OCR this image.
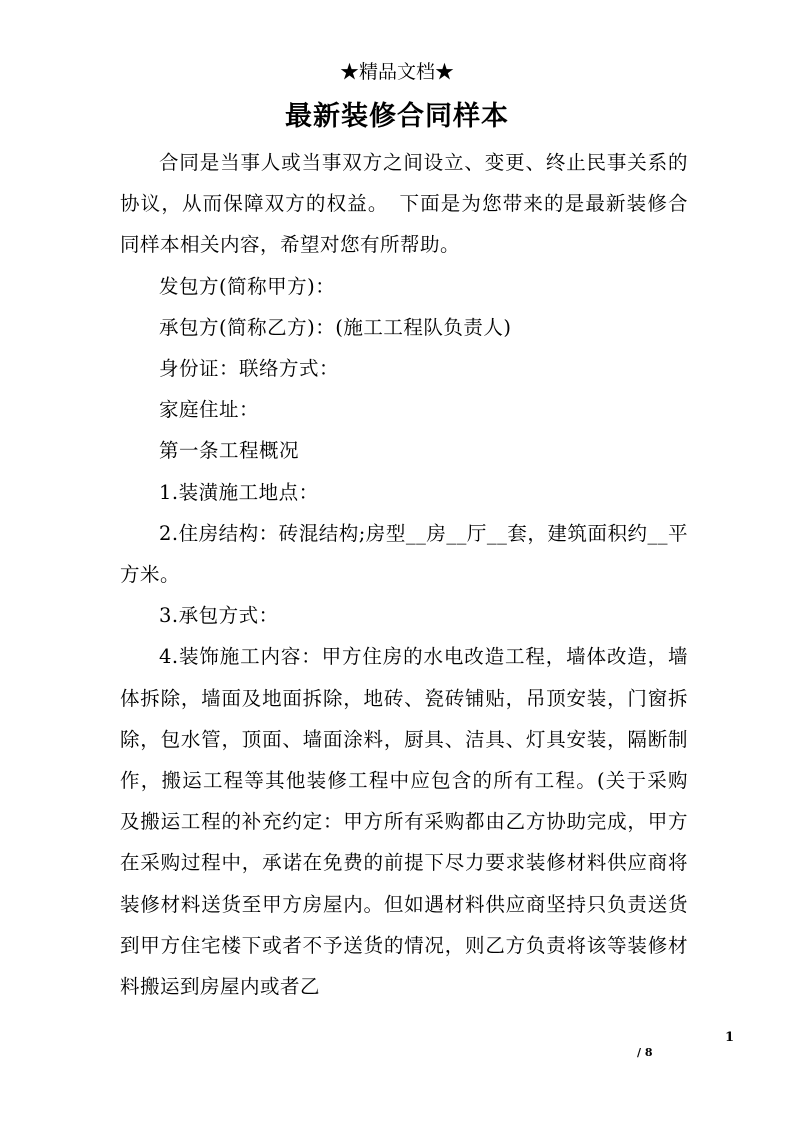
★精品文档★
最新装修合同样本

合同是当事人或当事双方之间设立、变更、终止民事关系的协议，从而保障双方的权益。　下面是为您带来的是最新装修合同样本相关内容，希望对您有所帮助。

发包方(简称甲方)：

承包方(简称乙方)：(施工工程队负责人)

身份证：联络方式：

家庭住址：

第一条工程概况

1.装潢施工地点：

2.住房结构：砖混结构;房型__房__厅__套，建筑面积约__平方米。

3.承包方式：

4.装饰施工内容：甲方住房的水电改造工程，墙体改造，墙体拆除，墙面及地面拆除，地砖、瓷砖铺贴，吊顶安装，门窗拆除，包水管，顶面、墙面涂料，厨具、洁具、灯具安装，隔断制作，搬运工程等其他装修工程中应包含的所有工程。(关于采购及搬运工程的补充约定：甲方所有采购都由乙方协助完成，甲方在采购过程中，承诺在免费的前提下尽力要求装修材料供应商将装修材料送货至甲方房屋内。但如遇材料供应商坚持只负责送货到甲方住宅楼下或者不予送货的情况，则乙方负责将该等装修材料搬运到房屋内或者乙

1
/ 8
